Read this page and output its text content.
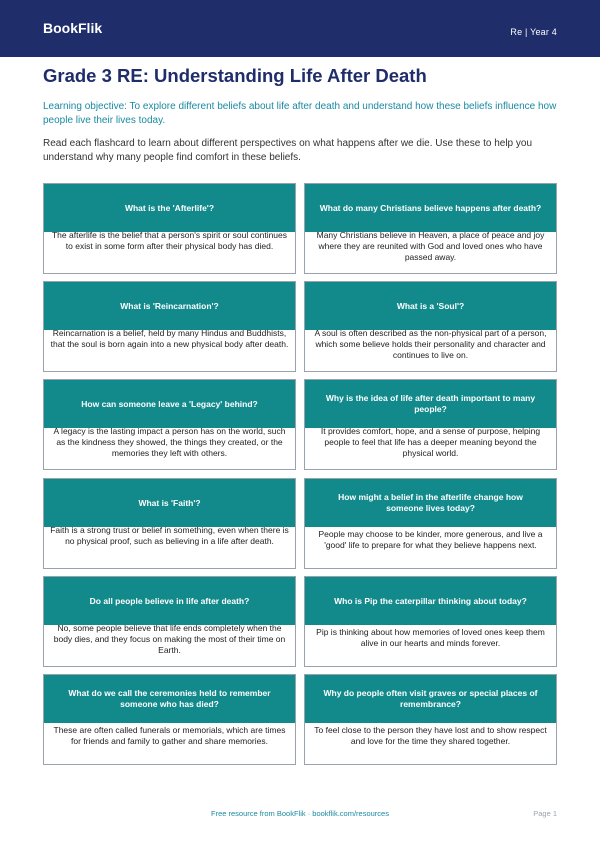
BookFlik	Re | Year 4
Grade 3 RE: Understanding Life After Death
Learning objective: To explore different beliefs about life after death and understand how these beliefs influence how people live their lives today.
Read each flashcard to learn about different perspectives on what happens after we die. Use these to help you understand why many people find comfort in these beliefs.
What is the 'Afterlife'?
The afterlife is the belief that a person's spirit or soul continues to exist in some form after their physical body has died.
What do many Christians believe happens after death?
Many Christians believe in Heaven, a place of peace and joy where they are reunited with God and loved ones who have passed away.
What is 'Reincarnation'?
Reincarnation is a belief, held by many Hindus and Buddhists, that the soul is born again into a new physical body after death.
What is a 'Soul'?
A soul is often described as the non-physical part of a person, which some believe holds their personality and character and continues to live on.
How can someone leave a 'Legacy' behind?
A legacy is the lasting impact a person has on the world, such as the kindness they showed, the things they created, or the memories they left with others.
Why is the idea of life after death important to many people?
It provides comfort, hope, and a sense of purpose, helping people to feel that life has a deeper meaning beyond the physical world.
What is 'Faith'?
Faith is a strong trust or belief in something, even when there is no physical proof, such as believing in a life after death.
How might a belief in the afterlife change how someone lives today?
People may choose to be kinder, more generous, and live a 'good' life to prepare for what they believe happens next.
Do all people believe in life after death?
No, some people believe that life ends completely when the body dies, and they focus on making the most of their time on Earth.
Who is Pip the caterpillar thinking about today?
Pip is thinking about how memories of loved ones keep them alive in our hearts and minds forever.
What do we call the ceremonies held to remember someone who has died?
These are often called funerals or memorials, which are times for friends and family to gather and share memories.
Why do people often visit graves or special places of remembrance?
To feel close to the person they have lost and to show respect and love for the time they shared together.
Free resource from BookFlik · bookflik.com/resources	Page 1
